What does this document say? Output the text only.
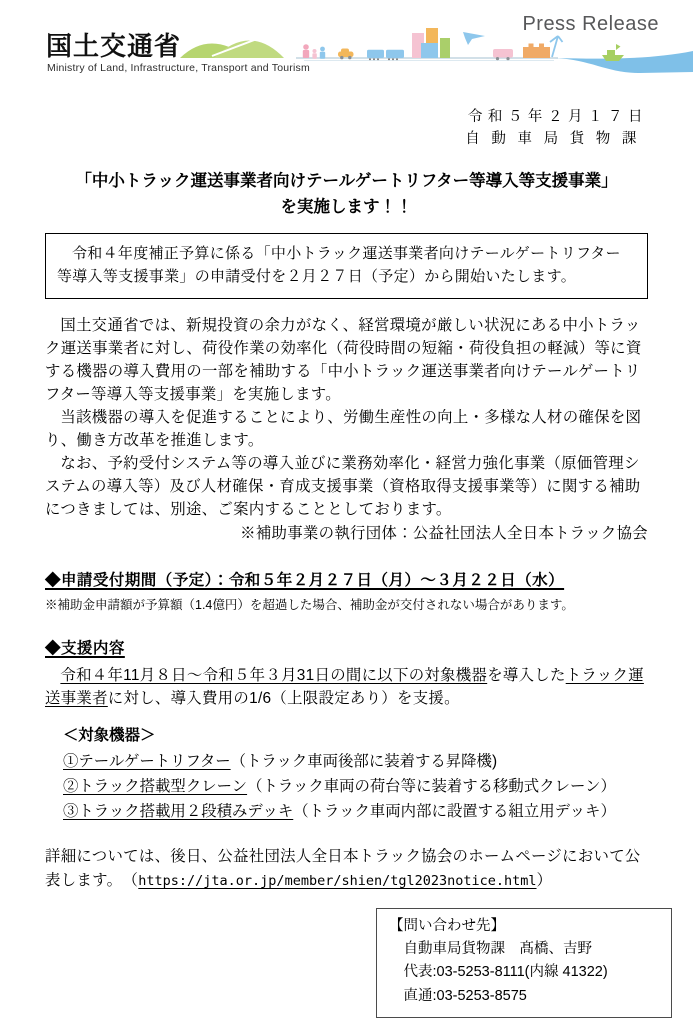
Press Release
国土交通省
Ministry of Land, Infrastructure, Transport and Tourism
令和５年２月１７日
自動車局貨物課
「中小トラック運送事業者向けテールゲートリフター等導入等支援事業」
を実施します！！

令和４年度補正予算に係る「中小トラック運送事業者向けテールゲートリフター等導入等支援事業」の申請受付を２月２７日（予定）から開始いたします。

国土交通省では、新規投資の余力がなく、経営環境が厳しい状況にある中小トラック運送事業者に対し、荷役作業の効率化（荷役時間の短縮・荷役負担の軽減）等に資する機器の導入費用の一部を補助する「中小トラック運送事業者向けテールゲートリフター等導入等支援事業」を実施します。

当該機器の導入を促進することにより、労働生産性の向上・多様な人材の確保を図り、働き方改革を推進します。

なお、予約受付システム等の導入並びに業務効率化・経営力強化事業（原価管理システムの導入等）及び人材確保・育成支援事業（資格取得支援事業等）に関する補助につきましては、別途、ご案内することとしております。

※補助事業の執行団体：公益社団法人全日本トラック協会

◆申請受付期間（予定）：令和５年２月２７日（月）～３月２２日（水）
※補助金申請額が予算額（1.4億円）を超過した場合、補助金が交付されない場合があります。
◆支援内容

令和４年11月８日～令和５年３月31日の間に以下の対象機器を導入したトラック運送事業者に対し、導入費用の1/6（上限設定あり）を支援。

＜対象機器＞
①テールゲートリフター（トラック車両後部に装着する昇降機)
②トラック搭載型クレーン（トラック車両の荷台等に装着する移動式クレーン）
③トラック搭載用２段積みデッキ（トラック車両内部に設置する組立用デッキ）

詳細については、後日、公益社団法人全日本トラック協会のホームページにおいて公表します。　（https://jta.or.jp/member/shien/tgl2023notice.html）

【問い合わせ先】
自動車局貨物課　髙橋、吉野
代表:03-5253-8111(内線 41322)
直通:03-5253-8575
